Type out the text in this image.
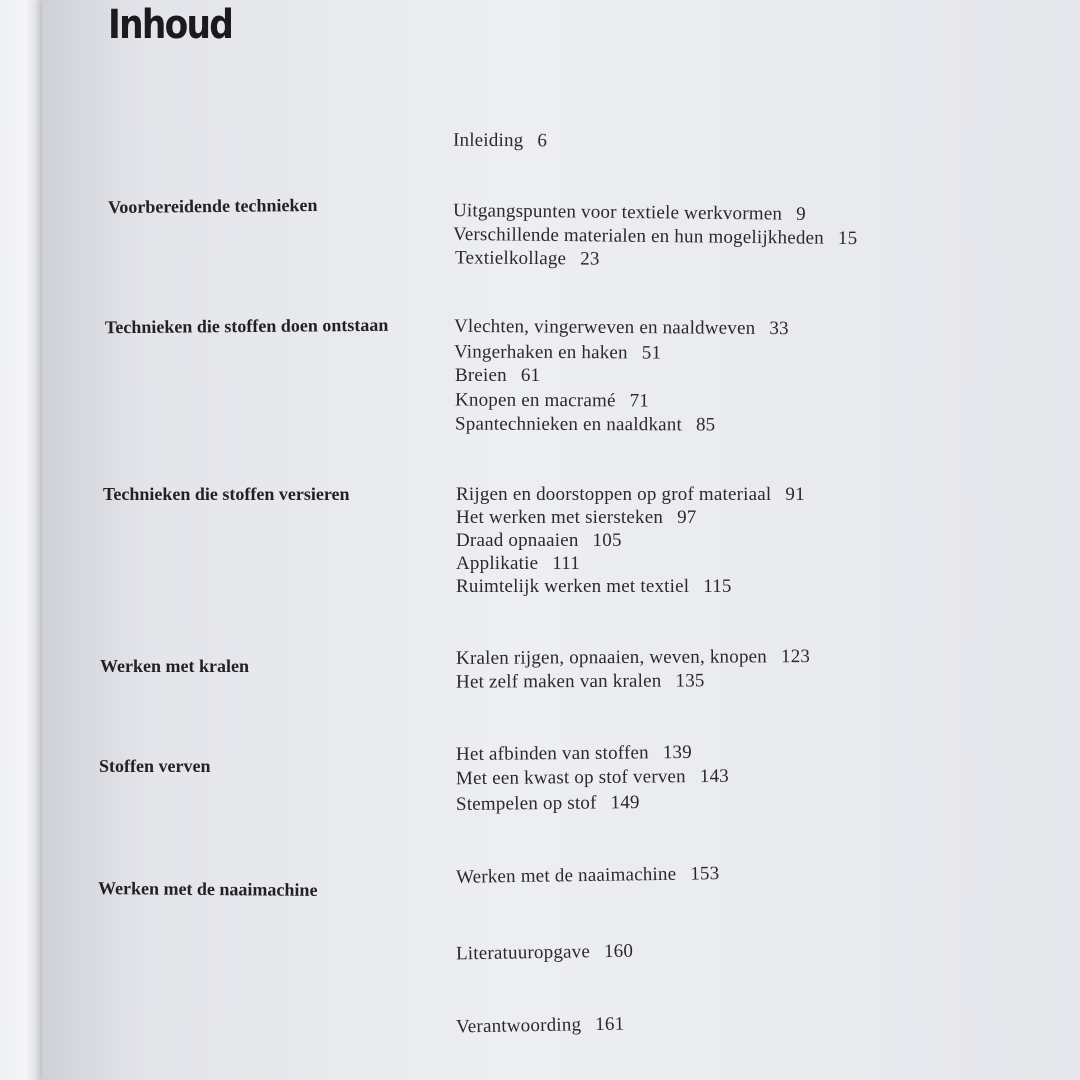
Inhoud
Voorbereidende technieken
Technieken die stoffen doen ontstaan
Technieken die stoffen versieren
Werken met kralen
Stoffen verven
Werken met de naaimachine
Inleiding 6
Uitgangspunten voor textiele werkvormen 9
Verschillende materialen en hun mogelijkheden 15
Textielkollage 23
Vlechten, vingerweven en naaldweven 33
Vingerhaken en haken 51
Breien 61
Knopen en macramé 71
Spantechnieken en naaldkant 85
Rijgen en doorstoppen op grof materiaal 91
Het werken met siersteken 97
Draad opnaaien 105
Applikatie 111
Ruimtelijk werken met textiel 115
Kralen rijgen, opnaaien, weven, knopen 123
Het zelf maken van kralen 135
Het afbinden van stoffen 139
Met een kwast op stof verven 143
Stempelen op stof 149
Werken met de naaimachine 153
Literatuuropgave 160
Verantwoording 161
